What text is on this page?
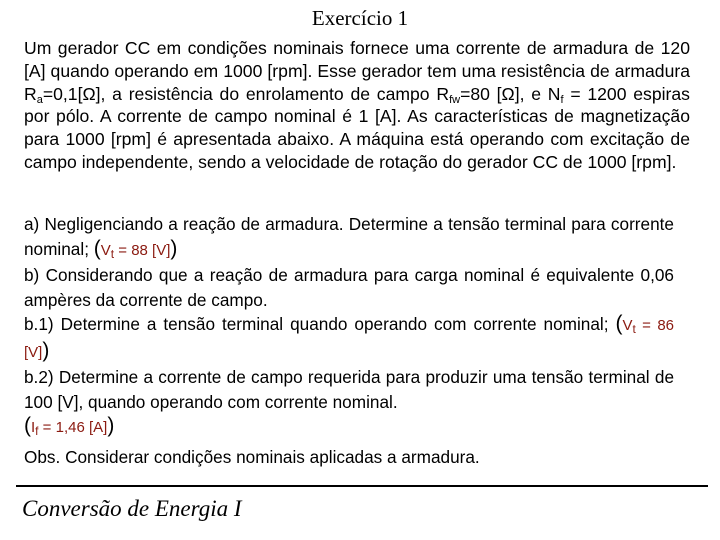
Exercício 1

Um gerador CC em condições nominais fornece uma corrente de armadura de 120 [A] quando operando em 1000 [rpm]. Esse gerador tem uma resistência de armadura $R_a=0,1[\Omega]$, a resistência do enrolamento de campo $R_{fw}=80$ [Ω], e $N_f = 1200$ espiras por pólo. A corrente de campo nominal é 1 [A]. As características de magnetização para 1000 [rpm] é apresentada abaixo. A máquina está operando com excitação de campo independente, sendo a velocidade de rotação do gerador CC de 1000 [rpm].

a) Negligenciando a reação de armadura. Determine a tensão terminal para corrente nominal; ($V_t = 88$ [V])

b) Considerando que a reação de armadura para carga nominal é equivalente 0,06 ampères da corrente de campo.

b.1) Determine a tensão terminal quando operando com corrente nominal; ($V_t = 86$ [V])

b.2) Determine a corrente de campo requerida para produzir uma tensão terminal de 100 [V], quando operando com corrente nominal.

($I_f = 1,46$ [A])

Obs. Considerar condições nominais aplicadas a armadura.

Conversão de Energia I
